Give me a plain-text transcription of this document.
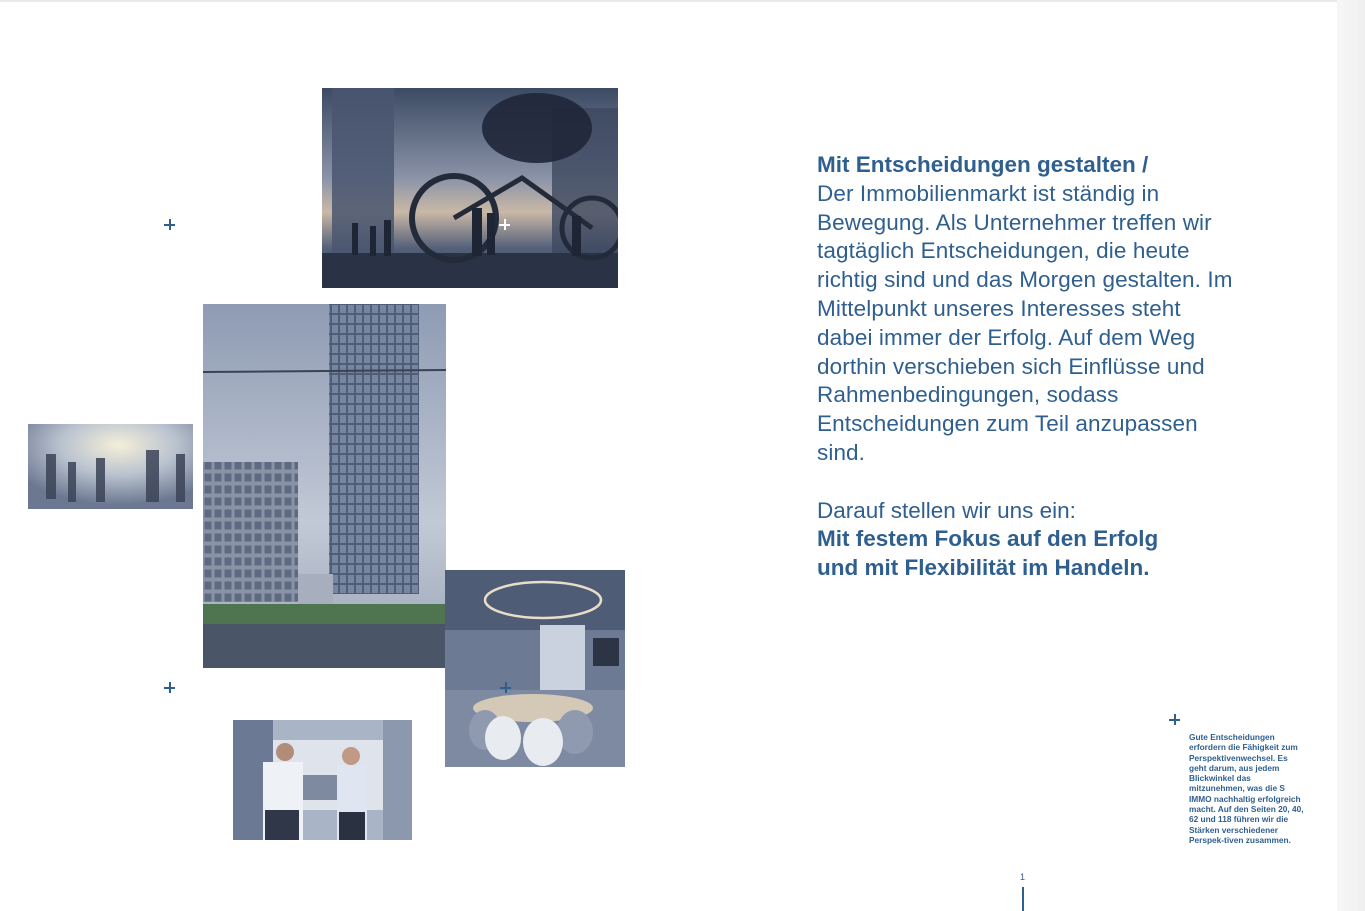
Mit Entscheidungen gestalten /
Der Immobilienmarkt ist ständig in Bewegung. Als Unternehmer treffen wir tagtäglich Entscheidungen, die heute richtig sind und das Morgen gestalten. Im Mittelpunkt unseres Interesses steht dabei immer der Erfolg. Auf dem Weg dorthin verschieben sich Einflüsse und Rahmenbedingungen, sodass Entscheidungen zum Teil anzupassen sind.
Darauf stellen wir uns ein:
Mit festem Fokus auf den Erfolg und mit Flexibilität im Handeln.
Gute Entscheidungen erfordern die Fähigkeit zum Perspektivenwechsel. Es geht darum, aus jedem Blickwinkel das mitzunehmen, was die S IMMO nachhaltig erfolgreich macht. Auf den Seiten 20, 40, 62 und 118 führen wir die Stärken verschiedener Perspek-tiven zusammen.
1
